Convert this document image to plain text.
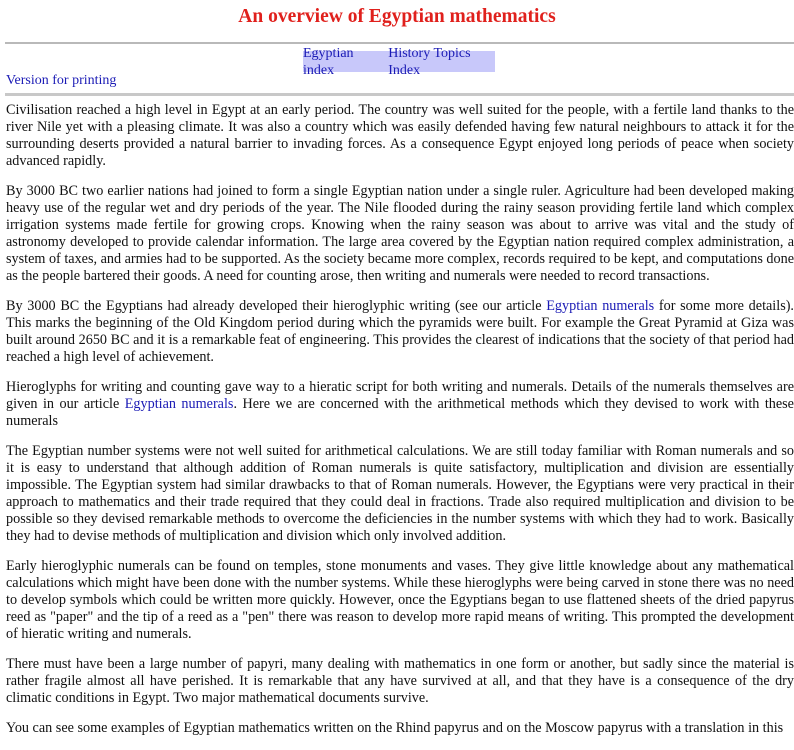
An overview of Egyptian mathematics
Egyptian index
History Topics Index
Version for printing

Civilisation reached a high level in Egypt at an early period. The country was well suited for the people, with a fertile land thanks to the river Nile yet with a pleasing climate. It was also a country which was easily defended having few natural neighbours to attack it for the surrounding deserts provided a natural barrier to invading forces. As a consequence Egypt enjoyed long periods of peace when society advanced rapidly.

By 3000 BC two earlier nations had joined to form a single Egyptian nation under a single ruler. Agriculture had been developed making heavy use of the regular wet and dry periods of the year. The Nile flooded during the rainy season providing fertile land which complex irrigation systems made fertile for growing crops. Knowing when the rainy season was about to arrive was vital and the study of astronomy developed to provide calendar information. The large area covered by the Egyptian nation required complex administration, a system of taxes, and armies had to be supported. As the society became more complex, records required to be kept, and computations done as the people bartered their goods. A need for counting arose, then writing and numerals were needed to record transactions.

By 3000 BC the Egyptians had already developed their hieroglyphic writing (see our article Egyptian numerals for some more details). This marks the beginning of the Old Kingdom period during which the pyramids were built. For example the Great Pyramid at Giza was built around 2650 BC and it is a remarkable feat of engineering. This provides the clearest of indications that the society of that period had reached a high level of achievement.

Hieroglyphs for writing and counting gave way to a hieratic script for both writing and numerals. Details of the numerals themselves are given in our article Egyptian numerals. Here we are concerned with the arithmetical methods which they devised to work with these numerals

The Egyptian number systems were not well suited for arithmetical calculations. We are still today familiar with Roman numerals and so it is easy to understand that although addition of Roman numerals is quite satisfactory, multiplication and division are essentially impossible. The Egyptian system had similar drawbacks to that of Roman numerals. However, the Egyptians were very practical in their approach to mathematics and their trade required that they could deal in fractions. Trade also required multiplication and division to be possible so they devised remarkable methods to overcome the deficiencies in the number systems with which they had to work. Basically they had to devise methods of multiplication and division which only involved addition.

Early hieroglyphic numerals can be found on temples, stone monuments and vases. They give little knowledge about any mathematical calculations which might have been done with the number systems. While these hieroglyphs were being carved in stone there was no need to develop symbols which could be written more quickly. However, once the Egyptians began to use flattened sheets of the dried papyrus reed as "paper" and the tip of a reed as a "pen" there was reason to develop more rapid means of writing. This prompted the development of hieratic writing and numerals.

There must have been a large number of papyri, many dealing with mathematics in one form or another, but sadly since the material is rather fragile almost all have perished. It is remarkable that any have survived at all, and that they have is a consequence of the dry climatic conditions in Egypt. Two major mathematical documents survive.

You can see some examples of Egyptian mathematics written on the Rhind papyrus and on the Moscow papyrus with a translation in this
